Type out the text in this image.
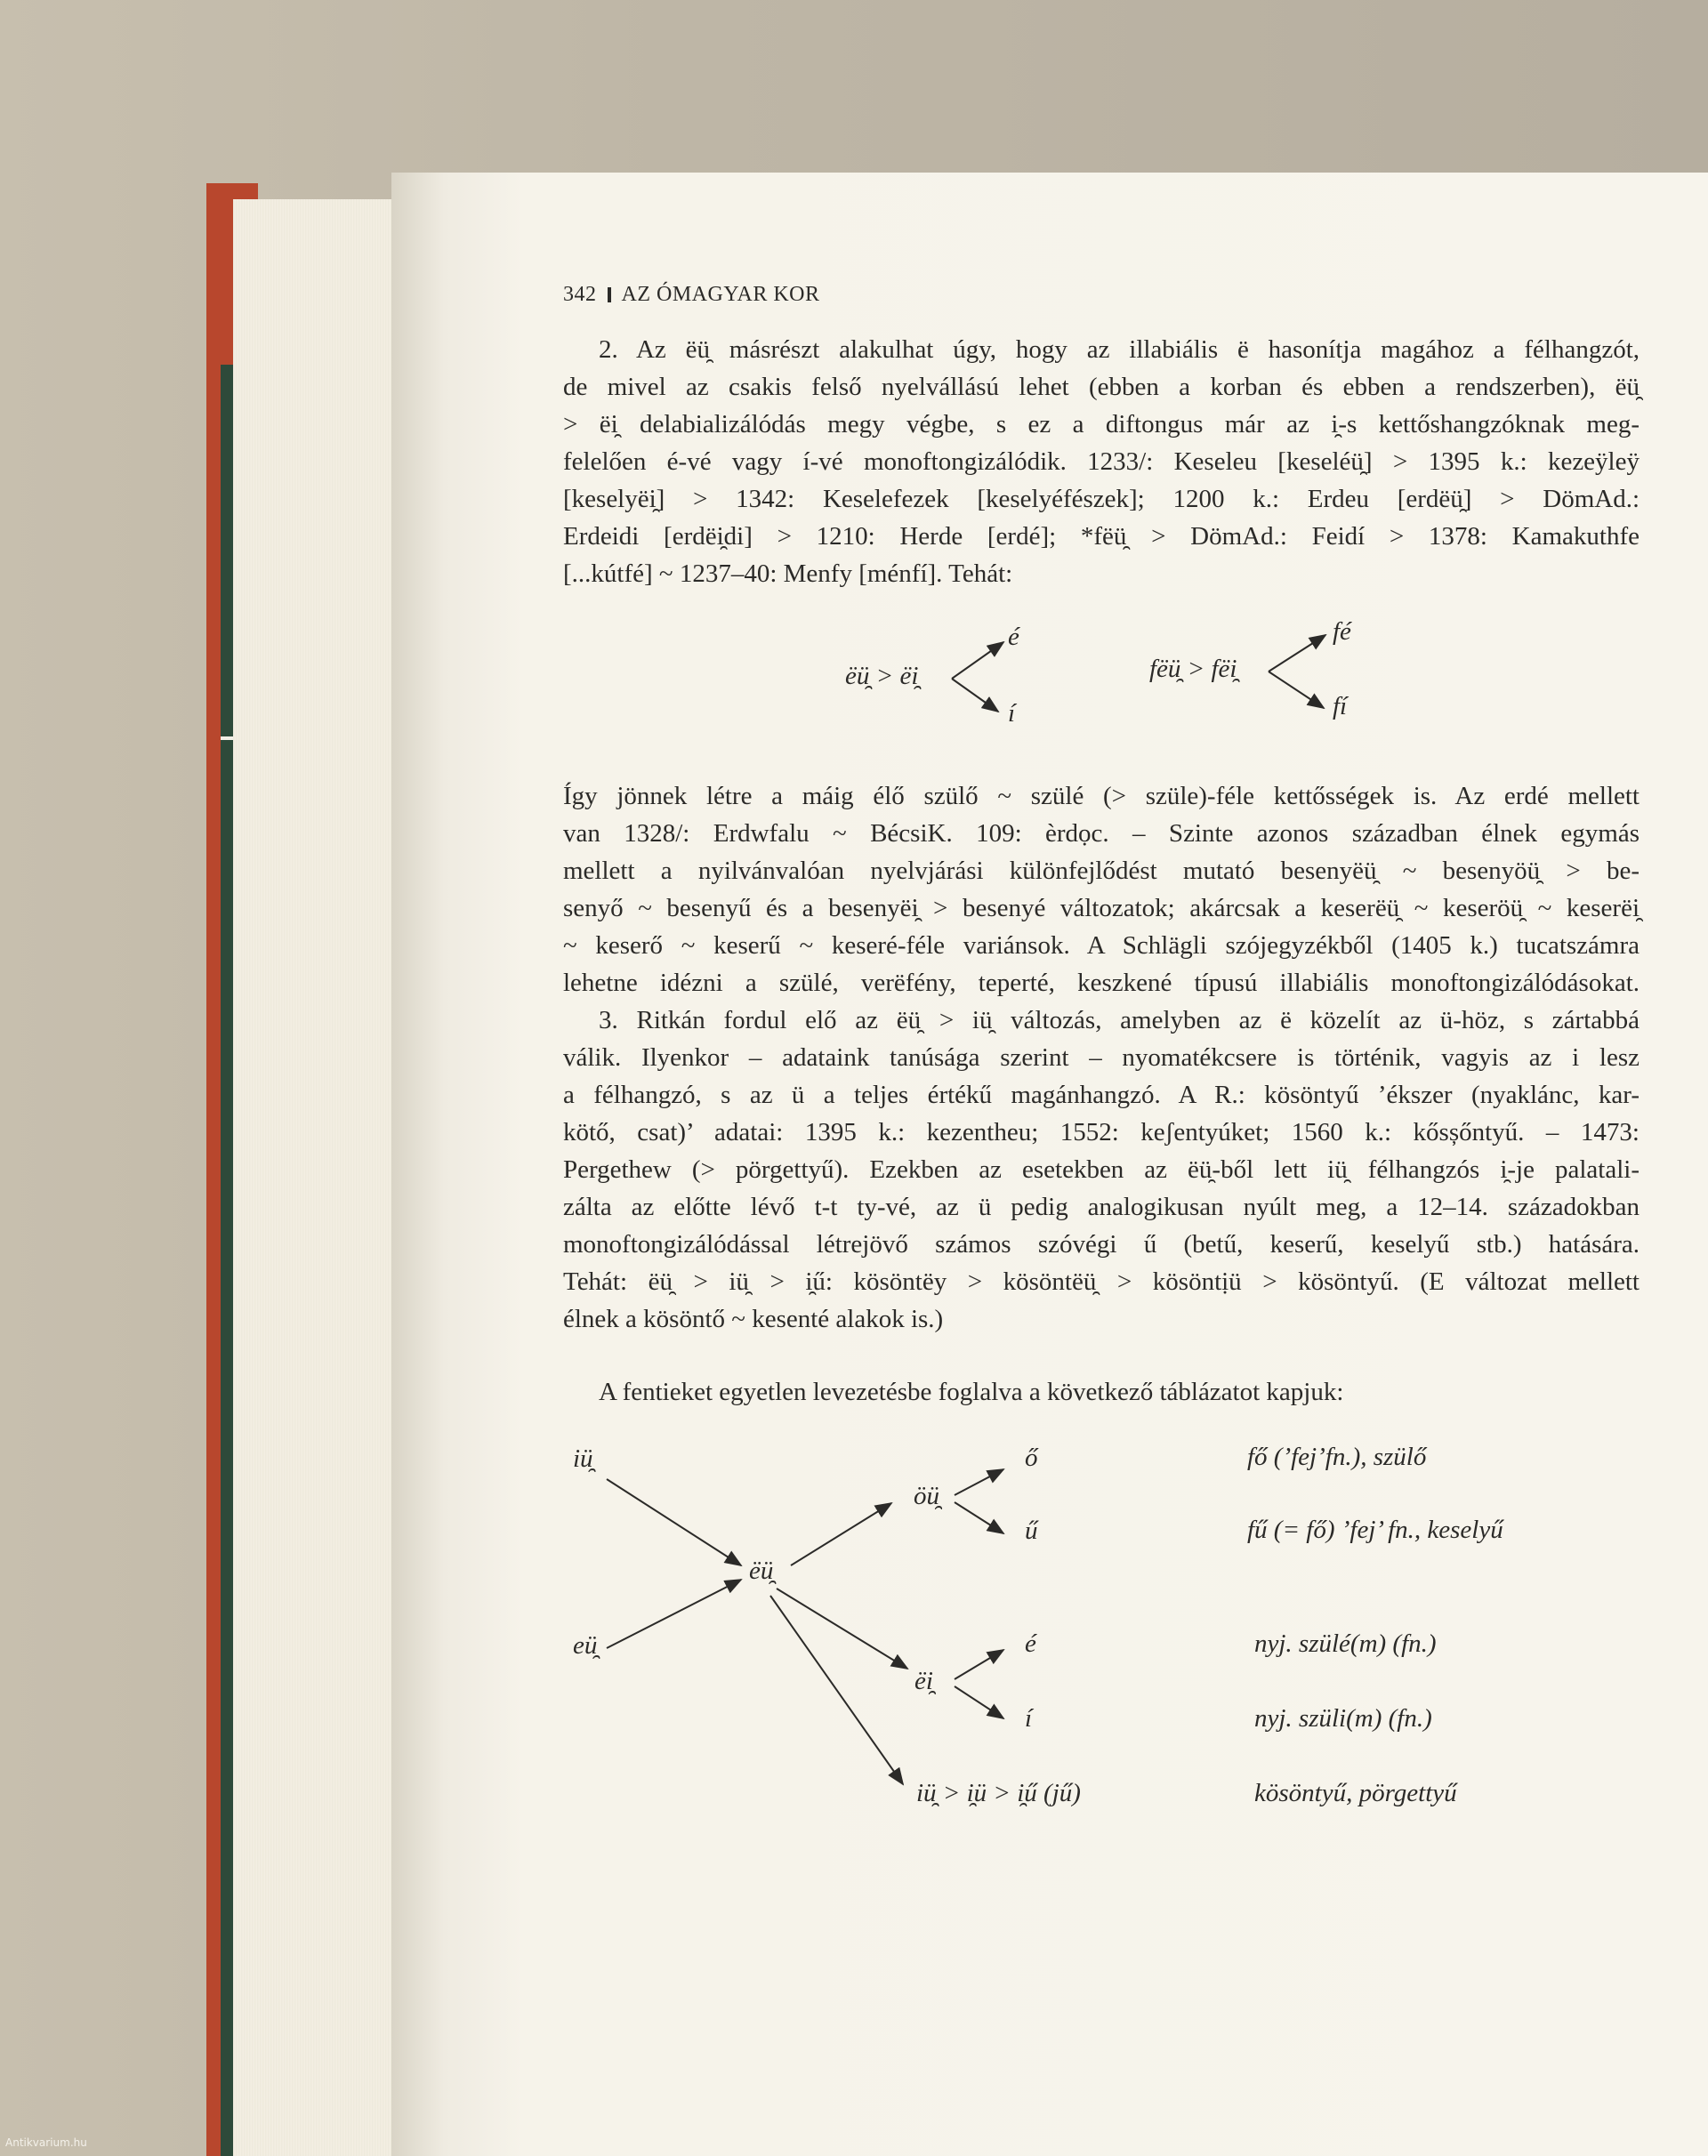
342 AZ ÓMAGYAR KOR
2. Az ëü̯ másrészt alakulhat úgy, hogy az illabiális ë hasonítja magához a félhangzót,
de mivel az csakis felső nyelvállású lehet (ebben a korban és ebben a rendszerben), ëü̯
> ëi̯ delabializálódás megy végbe, s ez a diftongus már az i̯-s kettőshangzóknak meg-
felelően é-vé vagy í-vé monoftongizálódik. 1233/: Keseleu [keseléü̯] > 1395 k.: kezeÿleÿ
[keselyëi̯] > 1342: Keselefezek [keselyéfészek]; 1200 k.: Erdeu [erdëü̯] > DömAd.:
Erdeidi [erdëi̯di] > 1210: Herde [erdé]; *fëü̯ > DömAd.: Feidí > 1378: Kamakuthfe
[...kútfé] ~ 1237–40: Menfy [ménfí]. Tehát:
ëü̯ > ëi̯
é
í
fëü̯ > fëi̯
fé
fí
Így jönnek létre a máig élő szülő ~ szülé (> szüle)-féle kettősségek is. Az erdé mellett
van 1328/: Erdwfalu ~ BécsiK. 109: èrdọc. – Szinte azonos században élnek egymás
mellett a nyilvánvalóan nyelvjárási különfejlődést mutató besenyëü̯ ~ besenyöü̯ > be-
senyő ~ besenyű és a besenyëi̯ > besenyé változatok; akárcsak a keserëü̯ ~ keseröü̯ ~ keserëi̯
~ keserő ~ keserű ~ keseré-féle variánsok. A Schlägli szójegyzékből (1405 k.) tucatszámra
lehetne idézni a szülé, verëfény, teperté, keszkené típusú illabiális monoftongizálódásokat.
3. Ritkán fordul elő az ëü̯ > iü̯ változás, amelyben az ë közelít az ü-höz, s zártabbá
válik. Ilyenkor – adataink tanúsága szerint – nyomatékcsere is történik, vagyis az i lesz
a félhangzó, s az ü a teljes értékű magánhangzó. A R.: kösöntyű ’ékszer (nyaklánc, kar-
kötő, csat)’ adatai: 1395 k.: kezentheu; 1552: keʃentyúket; 1560 k.: kősșőntyű. – 1473:
Pergethew (> pörgettyű). Ezekben az esetekben az ëü̯-ből lett iü̯ félhangzós i̯-je palatali-
zálta az előtte lévő t-t ty-vé, az ü pedig analogikusan nyúlt meg, a 12–14. századokban
monoftongizálódással létrejövő számos szóvégi ű (betű, keserű, keselyű stb.) hatására.
Tehát: ëü̯ > iü̯ > i̯ű: kösöntëy > kösöntëü̯ > kösöntịü > kösöntyű. (E változat mellett
élnek a kösöntő ~ kesenté alakok is.)
A fentieket egyetlen levezetésbe foglalva a következő táblázatot kapjuk:
iü̯
eü̯
ëü̯
öü̯
ő
ű
ëi̯
é
í
iü̯ > i̯ü > i̯ű (jű)
fő (’fej’fn.), szülő
fű (= fő) ’fej’ fn., keselyű
nyj. szülé(m) (fn.)
nyj. szüli(m) (fn.)
kösöntyű, pörgettyű
Antikvarium.hu
